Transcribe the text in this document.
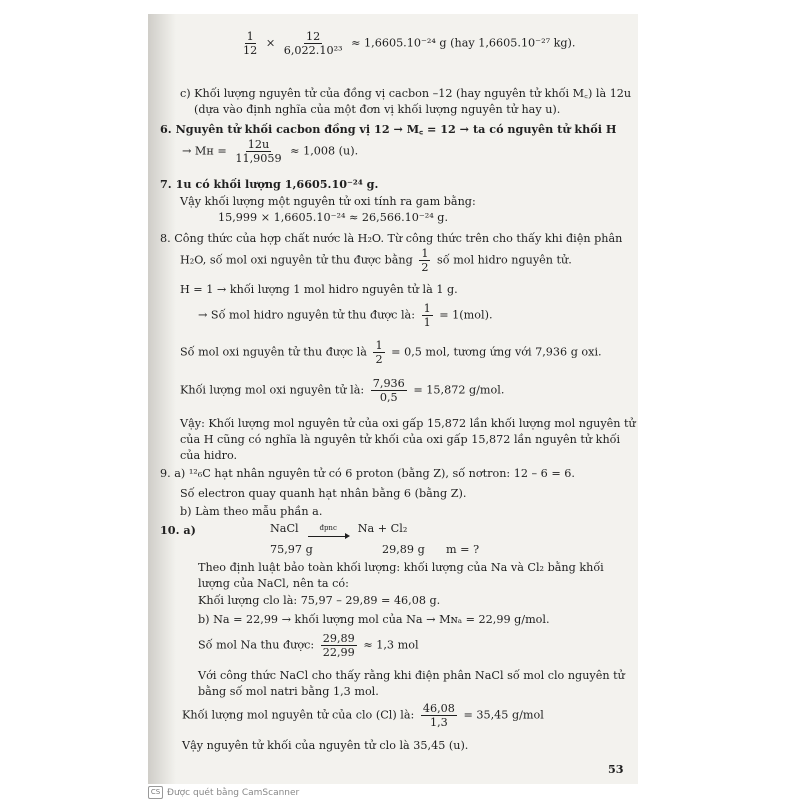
$\frac{1}{12} \times \frac{12}{\text{6,022.10²³}} \approx 1,6605.10^{-24}$ g (hay 1,6605.10⁻²⁷ kg).
c) Khối lượng nguyên tử của đồng vị cacbon –12 (hay nguyên tử khối M꜀) là 12u
(dựa vào định nghĩa của một đơn vị khối lượng nguyên tử hay u).
6. Nguyên tử khối cacbon đồng vị 12 → M꜀ = 12 → ta có nguyên tử khối H
→ Mʜ = $\frac{12u}{11,9059} \approx 1,008$ (u).
7. 1u có khối lượng 1,6605.10⁻²⁴ g.
Vậy khối lượng một nguyên tử oxi tính ra gam bằng:
15,999 × 1,6605.10⁻²⁴ ≈ 26,566.10⁻²⁴ g.
8. Công thức của hợp chất nước là H₂O. Từ công thức trên cho thấy khi điện phân
H₂O, số mol oxi nguyên tử thu được bằng $\frac{1}{2}$ số mol hidro nguyên tử.
H = 1 → khối lượng 1 mol hidro nguyên tử là 1 g.
→ Số mol hidro nguyên tử thu được là: $\frac{1}{1} = 1(mol)$.
Số mol oxi nguyên tử thu được là $\frac{1}{2} = 0,5$ mol, tương ứng với 7,936 g oxi.
Khối lượng mol oxi nguyên tử là: $\frac{7,936}{0,5} = 15,872$ g/mol.
Vậy: Khối lượng mol nguyên tử của oxi gấp 15,872 lần khối lượng mol nguyên tử
của H cũng có nghĩa là nguyên tử khối của oxi gấp 15,872 lần nguyên tử khối
của hidro.
9. a) ¹²₆C hạt nhân nguyên tử có 6 proton (bằng Z), số nơtron: 12 – 6 = 6.
Số electron quay quanh hạt nhân bằng 6 (bằng Z).
b) Làm theo mẫu phần a.
10. a)	NaCl	đpnc Na + Cl₂
75,97 g	29,89 g m = ?
Theo định luật bảo toàn khối lượng: khối lượng của Na và Cl₂ bằng khối
lượng của NaCl, nên ta có:
Khối lượng clo là: 75,97 – 29,89 = 46,08 g.
b) Na = 22,99 → khối lượng mol của Na → Mɴₐ = 22,99 g/mol.
Số mol Na thu được: $\frac{29,89}{22,99} \approx 1,3$ mol
Với công thức NaCl cho thấy rằng khi điện phân NaCl số mol clo nguyên tử
bằng số mol natri bằng 1,3 mol.
Khối lượng mol nguyên tử của clo (Cl) là: $\frac{46,08}{1,3} = 35,45$ g/mol
Vậy nguyên tử khối của nguyên tử clo là 35,45 (u).
53
CS Được quét bằng CamScanner
